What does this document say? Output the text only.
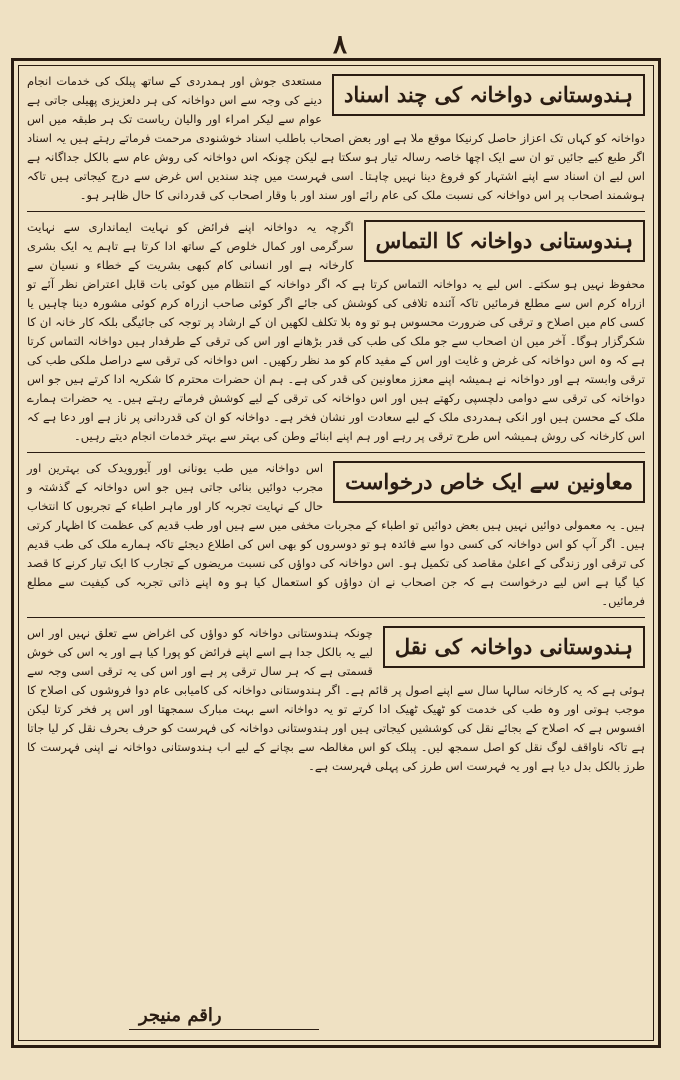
٨
ہندوستانی دواخانہ کی چند اسناد

مستعدی جوش اور ہمدردی کے ساتھ پبلک کی خدمات انجام دینے کی وجہ سے اس دواخانہ کی ہر دلعزیزی پھیلی جاتی ہے عوام سے لیکر امراء اور والیان ریاست تک ہر طبقہ میں اس دواخانہ کو کہاں تک اعزاز حاصل کرنیکا موقع ملا ہے اور بعض اصحاب باطلب اسناد خوشنودی مرحمت فرماتے رہتے ہیں یہ اسناد اگر طبع کیے جائیں تو ان سے ایک اچھا خاصہ رسالہ تیار ہو سکتا ہے لیکن چونکہ اس دواخانہ کی روش عام سے بالکل جداگانہ ہے اس لیے ان اسناد سے اپنے اشتہار کو فروغ دینا نہیں چاہتا۔ اسی فہرست میں چند سندیں اس غرض سے درج کیجاتی ہیں تاکہ ہوشمند اصحاب پر اس دواخانہ کی نسبت ملک کی عام رائے اور سند اور با وقار اصحاب کی قدردانی کا حال ظاہر ہو۔

ہندوستانی دواخانہ کا التماس

اگرچہ یہ دواخانہ اپنے فرائض کو نہایت ایمانداری سے نہایت سرگرمی اور کمال خلوص کے ساتھ ادا کرتا ہے تاہم یہ ایک بشری کارخانہ ہے اور انسانی کام کبھی بشریت کے خطاء و نسیان سے محفوظ نہیں ہو سکتے۔ اس لیے یہ دواخانہ التماس کرتا ہے کہ اگر دواخانہ کے انتظام میں کوئی بات قابل اعتراض نظر آئے تو ازراہ کرم اس سے مطلع فرمائیں تاکہ آئندہ تلافی کی کوشش کی جائے اگر کوئی صاحب ازراہ کرم کوئی مشورہ دینا چاہیں یا کسی کام میں اصلاح و ترقی کی ضرورت محسوس ہو تو وہ بلا تکلف لکھیں ان کے ارشاد پر توجہ کی جائیگی بلکہ کار خانہ ان کا شکرگزار ہوگا۔ آخر میں ان اصحاب سے جو ملک کی طب کی قدر بڑھانے اور اس کی ترقی کے طرفدار ہیں دواخانہ التماس کرتا ہے کہ وہ اس دواخانہ کی غرض و غایت اور اس کے مفید کام کو مد نظر رکھیں۔ اس دواخانہ کی ترقی سے دراصل ملکی طب کی ترقی وابستہ ہے اور دواخانہ نے ہمیشہ اپنے معزز معاونین کی قدر کی ہے۔ ہم ان حضرات محترم کا شکریہ ادا کرتے ہیں جو اس دواخانہ کی ترقی سے دوامی دلچسپی رکھتے ہیں اور اس دواخانہ کی ترقی کے لیے کوشش فرماتے رہتے ہیں۔ یہ حضرات ہمارے ملک کے محسن ہیں اور انکی ہمدردی ملک کے لیے سعادت اور نشان فخر ہے۔ دواخانہ کو ان کی قدردانی پر ناز ہے اور دعا ہے کہ اس کارخانہ کی روش ہمیشہ اس طرح ترقی پر رہے اور ہم اپنے ابنائے وطن کی بہتر سے بہتر خدمات انجام دیتے رہیں۔

معاونین سے ایک خاص درخواست

اس دواخانہ میں طب یونانی اور آیورویدک کی بہترین اور مجرب دوائیں بنائی جاتی ہیں جو اس دواخانہ کے گذشتہ و حال کے نہایت تجربہ کار اور ماہر اطباء کے تجربوں کا انتخاب ہیں۔ یہ معمولی دوائیں نہیں ہیں بعض دوائیں تو اطباء کے مجربات مخفی میں سے ہیں اور طب قدیم کی عظمت کا اظہار کرتی ہیں۔ اگر آپ کو اس دواخانہ کی کسی دوا سے فائدہ ہو تو دوسروں کو بھی اس کی اطلاع دیجئے تاکہ ہمارے ملک کی طب قدیم کی ترقی اور زندگی کے اعلیٰ مقاصد کی تکمیل ہو۔ اس دواخانہ کی دواؤں کی نسبت مریضوں کے تجارب کا ایک تیار کرنے کا قصد کیا گیا ہے اس لیے درخواست ہے کہ جن اصحاب نے ان دواؤں کو استعمال کیا ہو وہ اپنے ذاتی تجربہ کی کیفیت سے مطلع فرمائیں۔

ہندوستانی دواخانہ کی نقل

چونکہ ہندوستانی دواخانہ کو دواؤں کی اغراض سے تعلق نہیں اور اس لیے یہ بالکل جدا ہے اسے اپنے فرائض کو پورا کیا ہے اور یہ اس کی خوش قسمتی ہے کہ ہر سال ترقی پر ہے اور اس کی یہ ترقی اسی وجہ سے ہوئی ہے کہ یہ کارخانہ سالہا سال سے اپنے اصول پر قائم ہے۔ اگر ہندوستانی دواخانہ کی کامیابی عام دوا فروشوں کی اصلاح کا موجب ہوتی اور وہ طب کی خدمت کو ٹھیک ٹھیک ادا کرتے تو یہ دواخانہ اسے بہت مبارک سمجھتا اور اس پر فخر کرتا لیکن افسوس ہے کہ اصلاح کے بجائے نقل کی کوششیں کیجاتی ہیں اور ہندوستانی دواخانہ کی فہرست کو حرف بحرف نقل کر لیا جاتا ہے تاکہ ناواقف لوگ نقل کو اصل سمجھ لیں۔ پبلک کو اس مغالطہ سے بچانے کے لیے اب ہندوستانی دواخانہ نے اپنی فہرست کا طرز بالکل بدل دیا ہے اور یہ فہرست اس طرز کی پہلی فہرست ہے۔

راقم منیجر
